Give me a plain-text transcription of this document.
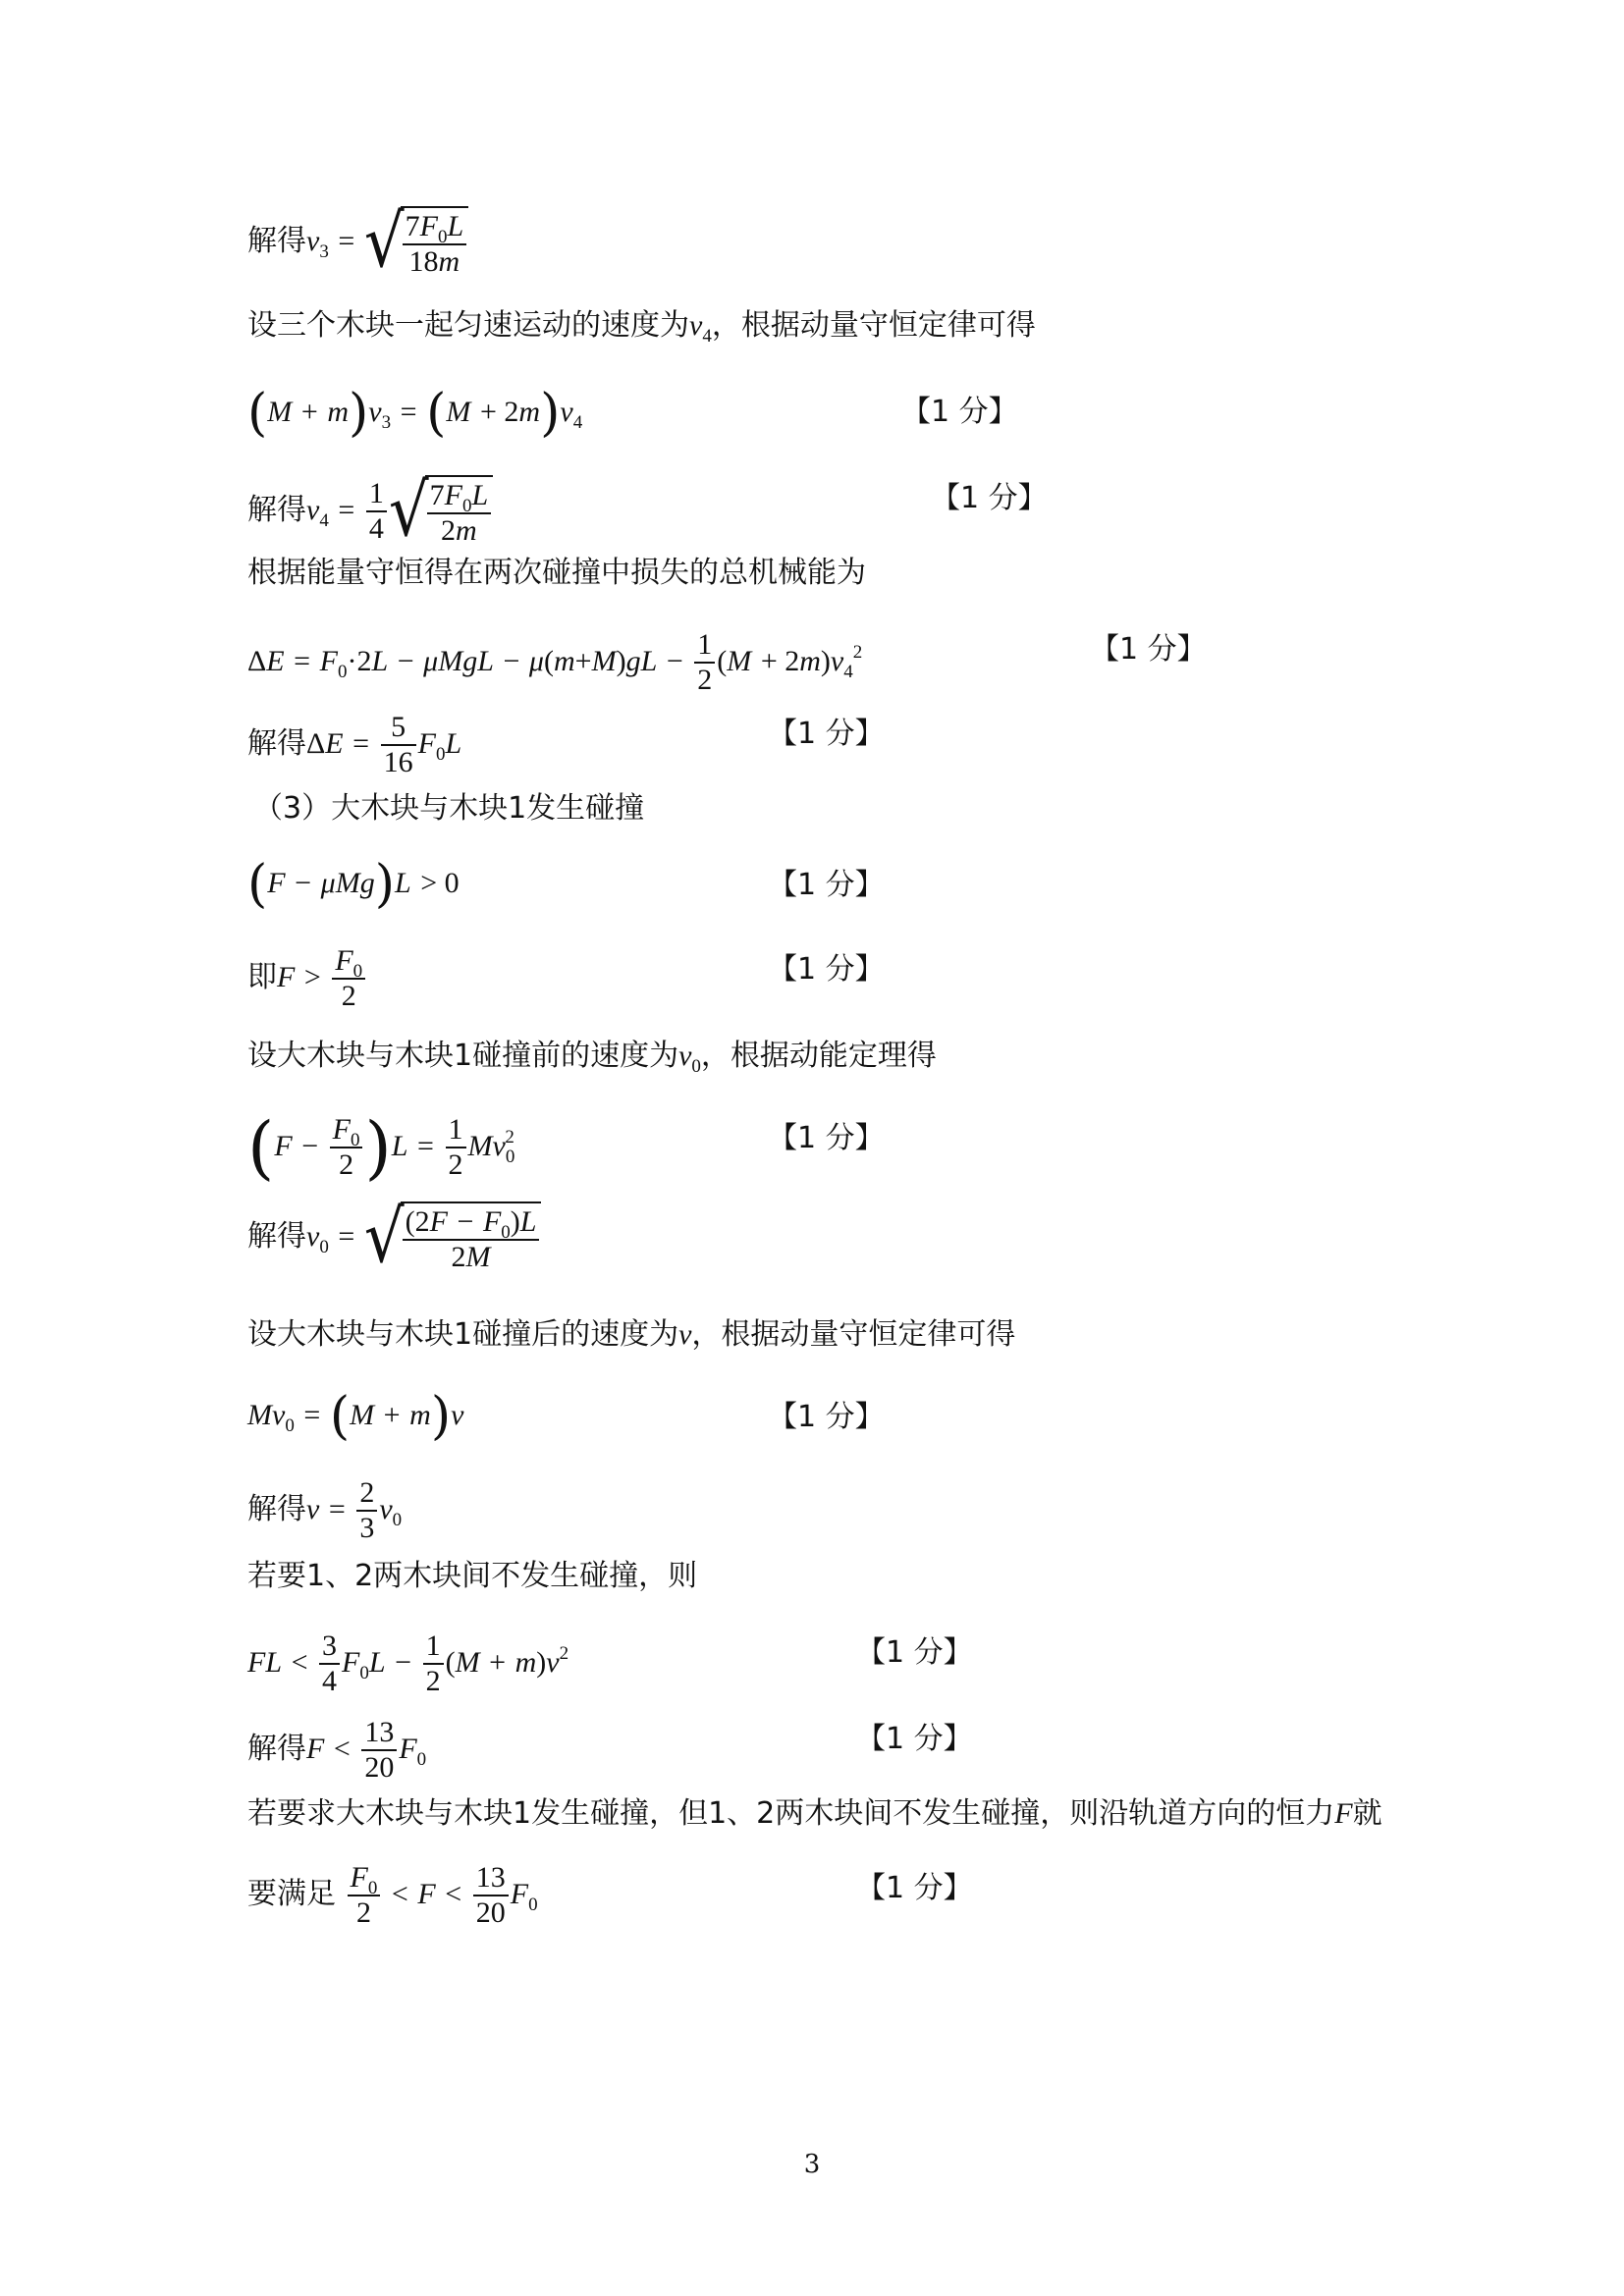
解得$v_3$ = √
$\frac{7F_0L}{18m}$
设三个木块一起匀速运动的速度为$v_4$，根据动量守恒定律可得
$(M + m)v_3 = (M + 2m)v_4$	【1 分】
解得$v_4 = \frac{1}{4}$ √
$\frac{7F_0L}{2m}$	【1 分】
根据能量守恒得在两次碰撞中损失的总机械能为
$\Delta E = F_0\cdot 2L - \mu MgL - \mu(m+M)gL - \frac{1}{2} (M + 2m)v_4^2$	【1 分】
解得$\Delta E = \frac{5}{16} F_0L$	【1 分】
（3）大木块与木块1发生碰撞
(F − μMg)L > 0	【1 分】
即$F > \frac{F_0}{2}$	【1 分】
设大木块与木块1碰撞前的速度为$v_0$，根据动能定理得
$(F - \frac{F_0}{2} )L = \frac{1}{2} Mv_0^2$	【1 分】
解得$v_0$ = √
$\frac{(2F - F_0)L}{2M}$
设大木块与木块1碰撞后的速度为v，根据动量守恒定律可得
$Mv_0 = (M + m)v$	【1 分】
解得$v = \frac{2}{3} v_0$
若要1、2两木块间不发生碰撞，则
FL < $\frac{3}{4} F_0L - \frac{1}{2} (M + m)v^2$	【1 分】
解得$F < \frac{13}{20} F_0$
【1 分】
若要求大木块与木块1发生碰撞，但1、2两木块间不发生碰撞，则沿轨道方向的恒力F就
要满足 $\frac{F_0}{2} < F < \frac{13}{20} F_0$	【1 分】
3
